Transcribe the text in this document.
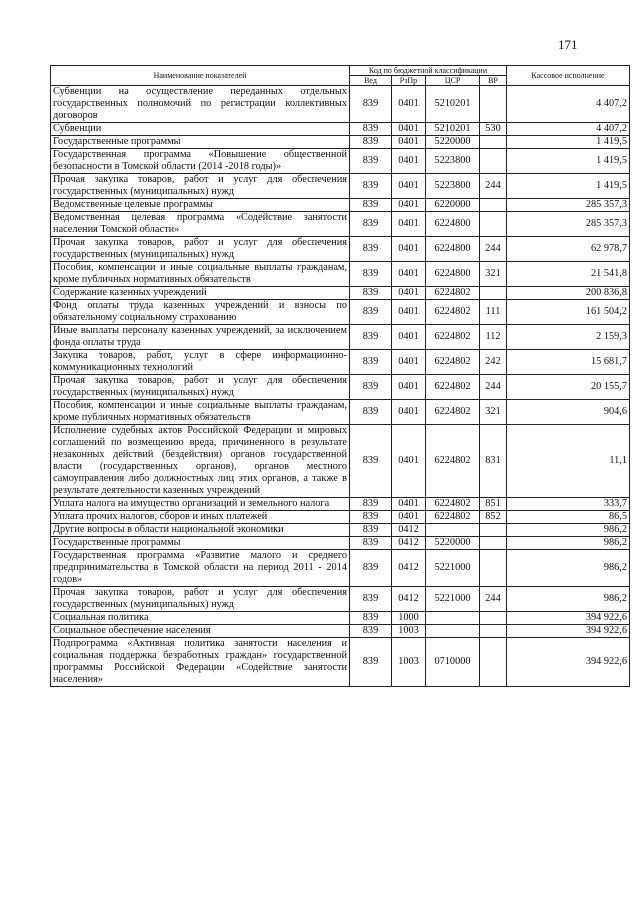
171
Наименование показателей	Код по бюджетной классификации				Кассовое исполнение
	Вед	РзПр	ЦСР	ВР	
Субвенции на осуществление переданных отдельных государственных полномочий по регистрации коллективных договоров	839	0401	5210201		4 407,2
Субвенции	839	0401	5210201	530	4 407,2
Государственные программы	839	0401	5220000		1 419,5
Государственная программа «Повышение общественной безопасности в Томской области (2014 -2018 годы)»	839	0401	5223800		1 419,5
Прочая закупка товаров, работ и услуг для обеспечения государственных (муниципальных) нужд	839	0401	5223800	244	1 419,5
Ведомственные целевые программы	839	0401	6220000		285 357,3
Ведомственная целевая программа «Содействие занятости населения Томской области»	839	0401	6224800		285 357,3
Прочая закупка товаров, работ и услуг для обеспечения государственных (муниципальных) нужд	839	0401	6224800	244	62 978,7
Пособия, компенсации и иные социальные выплаты гражданам, кроме публичных нормативных обязательств	839	0401	6224800	321	21 541,8
Содержание казенных учреждений	839	0401	6224802		200 836,8
Фонд оплаты труда казенных учреждений и взносы по обязательному социальному страхованию	839	0401	6224802	111	161 504,2
Иные выплаты персоналу казенных учреждений, за исключением фонда оплаты труда	839	0401	6224802	112	2 159,3
Закупка товаров, работ, услуг в сфере информационно-коммуникационных технологий	839	0401	6224802	242	15 681,7
Прочая закупка товаров, работ и услуг для обеспечения государственных (муниципальных) нужд	839	0401	6224802	244	20 155,7
Пособия, компенсации и иные социальные выплаты гражданам, кроме публичных нормативных обязательств	839	0401	6224802	321	904,6
Исполнение судебных актов Российской Федерации и мировых соглашений по возмещению вреда, причиненного в результате незаконных действий (бездействия) органов государственной власти (государственных органов), органов местного самоуправления либо должностных лиц этих органов, а также в результате деятельности казенных учреждений	839	0401	6224802	831	11,1
Уплата налога на имущество организаций и земельного налога	839	0401	6224802	851	333,7
Уплата прочих налогов, сборов и иных платежей	839	0401	6224802	852	86,5
Другие вопросы в области национальной экономики	839	0412			986,2
Государственные программы	839	0412	5220000		986,2
Государственная программа «Развитие малого и среднего предпринимательства в Томской области на период 2011 - 2014 годов»	839	0412	5221000		986,2
Прочая закупка товаров, работ и услуг для обеспечения государственных (муниципальных) нужд	839	0412	5221000	244	986,2
Социальная политика	839	1000			394 922,6
Социальное обеспечение населения	839	1003			394 922,6
Подпрограмма «Активная политика занятости населения и социальная поддержка безработных граждан» государственной программы Российской Федерации «Содействие занятости населения»	839	1003	0710000		394 922,6
